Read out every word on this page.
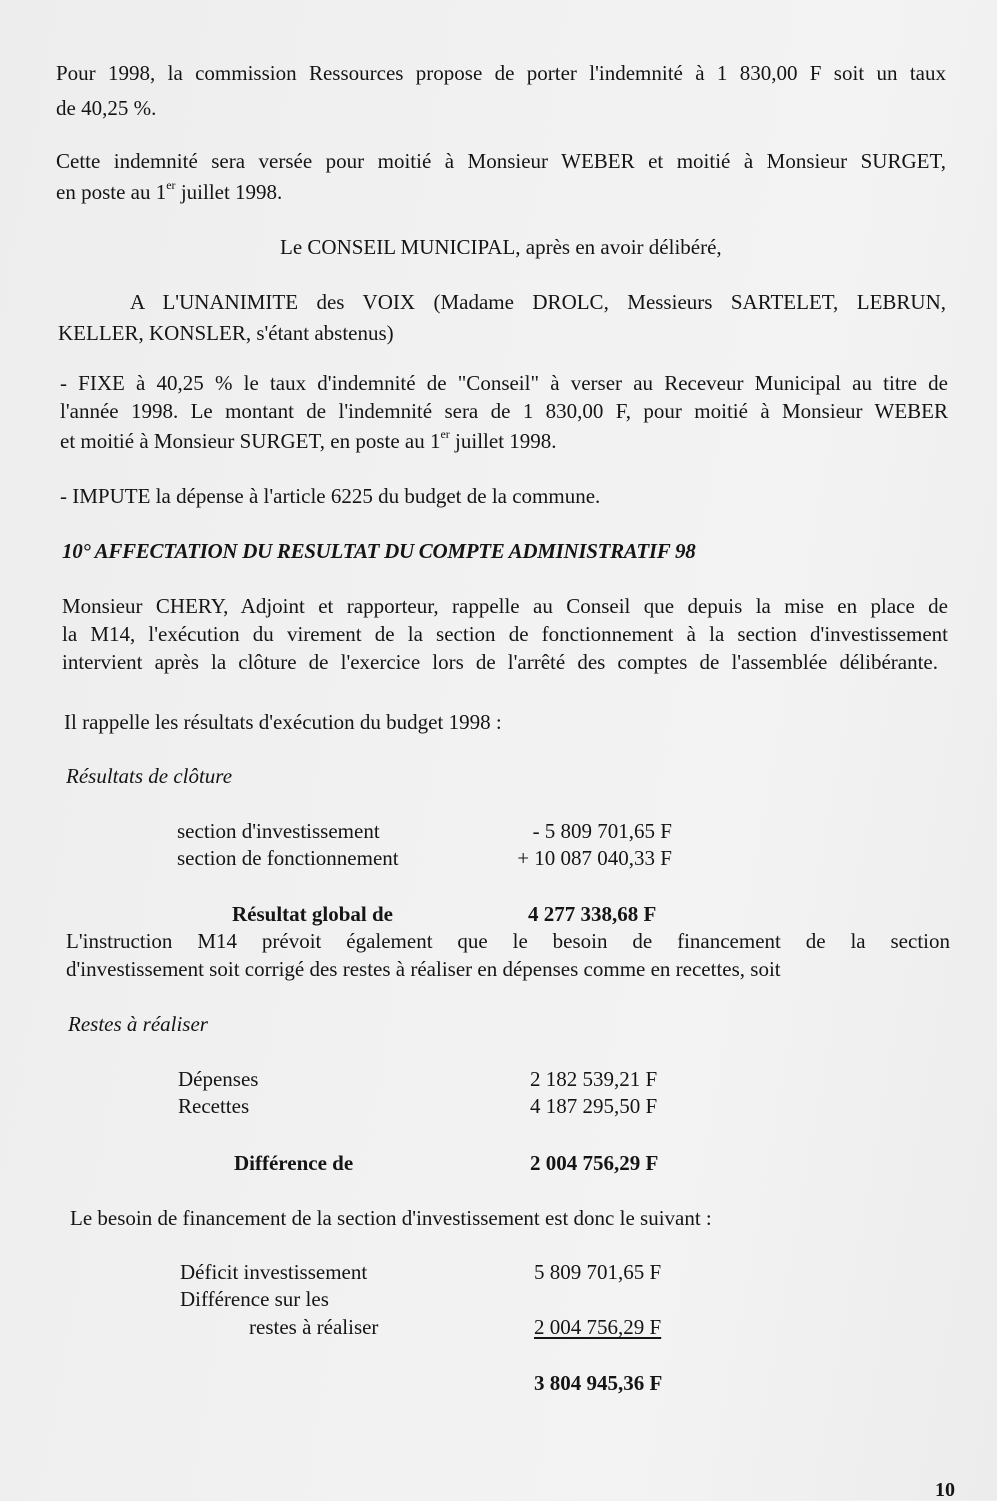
Pour 1998, la commission Ressources propose de porter l'indemnité à 1 830,00 F soit un taux
de 40,25 %.
Cette indemnité sera versée pour moitié à Monsieur WEBER et moitié à Monsieur SURGET,
en poste au 1er juillet 1998.
Le CONSEIL MUNICIPAL, après en avoir délibéré,
A L'UNANIMITE des VOIX (Madame DROLC, Messieurs SARTELET, LEBRUN,
KELLER, KONSLER, s'étant abstenus)
- FIXE à 40,25 % le taux d'indemnité de "Conseil" à verser au Receveur Municipal au titre de
l'année 1998. Le montant de l'indemnité sera de 1 830,00 F, pour moitié à Monsieur WEBER
et moitié à Monsieur SURGET, en poste au 1er juillet 1998.
- IMPUTE la dépense à l'article 6225 du budget de la commune.
10° AFFECTATION DU RESULTAT DU COMPTE ADMINISTRATIF 98
Monsieur CHERY, Adjoint et rapporteur, rappelle au Conseil que depuis la mise en place de
la M14, l'exécution du virement de la section de fonctionnement à la section d'investissement
intervient après la clôture de l'exercice lors de l'arrêté des comptes de l'assemblée délibérante.
Il rappelle les résultats d'exécution du budget 1998 :
Résultats de clôture
section d'investissement	- 5 809 701,65 F
section de fonctionnement	+ 10 087 040,33 F
Résultat global de	4 277 338,68 F
L'instruction M14 prévoit également que le besoin de financement de la section
d'investissement soit corrigé des restes à réaliser en dépenses comme en recettes, soit
Restes à réaliser
Dépenses	2 182 539,21 F
Recettes	4 187 295,50 F
Différence de	2 004 756,29 F
Le besoin de financement de la section d'investissement est donc le suivant :
Déficit investissement	5 809 701,65 F
Différence sur les
restes à réaliser	2 004 756,29 F
3 804 945,36 F
10
